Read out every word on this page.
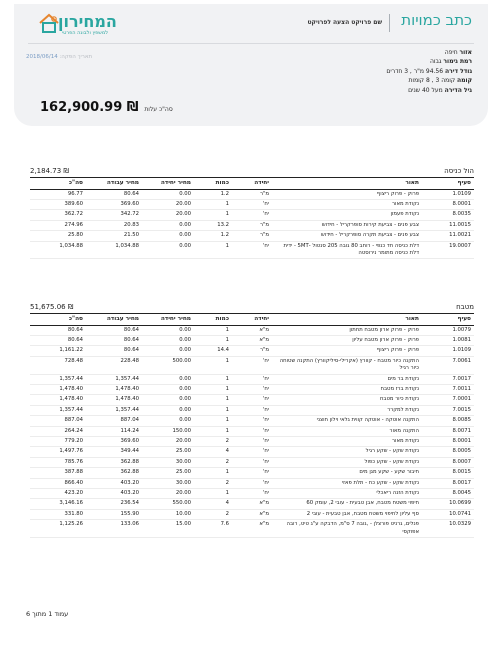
המחירון
למשפץ ולבונה הפרטי
שם פרויקט הצעה לפרויקט כתב כמויות
תאריך הפקה: 2018/06/14
אזור חיפה
רמת גימור גבוה
גודל דירה 94.56 מ"ר , 3 חדרים
קומה קומה 3 , 8 קומות
גיל הדירה מעל 40 שנים
162,900.99 ₪ סה"כ עלות
הול כניסה
2,184.73 ₪
סעיף	תאור	יחידה	כמות	מחיר יחידה	מחיר עבודה	סה"כ
1.0109	פרוק - פרוק ריצוף	מ"ר	1.2	0.00	80.64	96.77
8.0001	נקודת מאור	יח'	1	20.00	369.60	389.60
8.0035	נקודת פעמון	יח'	1	20.00	342.72	362.72
11.0015	צבע פנים - צביעת קירות סופרקריל - חידוש	מ"ר	13.2	0.00	20.83	274.96
11.0021	צבע פנים - צביעת תקרה סופרקריל - חידוש	מ"ר	1.2	0.00	21.50	25.80
19.0007	דלת כניסה חד כנפי - רוחב 80 גובה 205 סנטול -5MT - ידית דלת כניסה מתומר נירוסטה	יח'	1	0.00	1,034.88	1,034.88
מטבח
51,675.06 ₪
סעיף	תאור	יחידה	כמות	מחיר יחידה	מחיר עבודה	סה"כ
1.0079	פרוק - פרוק ארון מטבח תחתון	מ"א	1	0.00	80.64	80.64
1.0081	פרוק - פרוק ארון מטבח עליון	מ"א	1	0.00	80.64	80.64
1.0109	פרוק - פרוק ריצוף	מ"ר	14.4	0.00	80.64	1,161.22
7.0061	התקנה כיור מטבח - קוורץ (אקרילי-סיליקוורץ) התקנה שטוחה כיור רגיל	יח'	1	500.00	228.48	728.48
7.0017	נקודת בר מים	יח'	1	0.00	1,357.44	1,357.44
7.0011	נקודת ברז מטבח	יח'	1	0.00	1,478.40	1,478.40
7.0001	נקודת כיור מטבח	יח'	1	0.00	1,478.40	1,478.40
7.0015	נקודת למקרר	יח'	1	0.00	1,357.44	1,357.44
8.0085	התקנה אוטקה - אוטקה קווית גלאי וילון חוצני	יח'	1	0.00	887.04	887.04
8.0071	התקנה מאור	יח'	1	150.00	114.24	264.24
8.0001	נקודת מאור	יח'	2	20.00	369.60	779.20
8.0005	נקודת שקע - שקע רגיל	יח'	4	25.00	349.44	1,497.76
8.0007	נקודת שקע - שקע כפול	יח'	2	30.00	362.88	785.76
8.0015	חיבור שקע - שקע מגן מים	יח'	1	25.00	362.88	387.88
8.0017	נקודת שקע - שקע כח - תלת פאזי	יח'	2	30.00	403.20	866.40
8.0045	נקודת הזנה ריאכלי	יח'	1	20.00	403.20	423.20
10.0699	חיפוי משטח מטבח, אבן טבעית - עובי 2, עומק 60	מ"א	4	550.00	236.54	3,146.16
10.0741	סף עליון לחיפוי משטח מטבח, אבן טבעית - עובי 2	מ"א	2	10.00	155.90	331.80
10.0329	פנלים, גרניט פורצלן - ,גובה 7 ס"מ, הדבקה ע"ג טיט, רובה אפוקסי	מ"א	7.6	15.00	133.06	1,125.26
עמוד 1 מתוך 6
